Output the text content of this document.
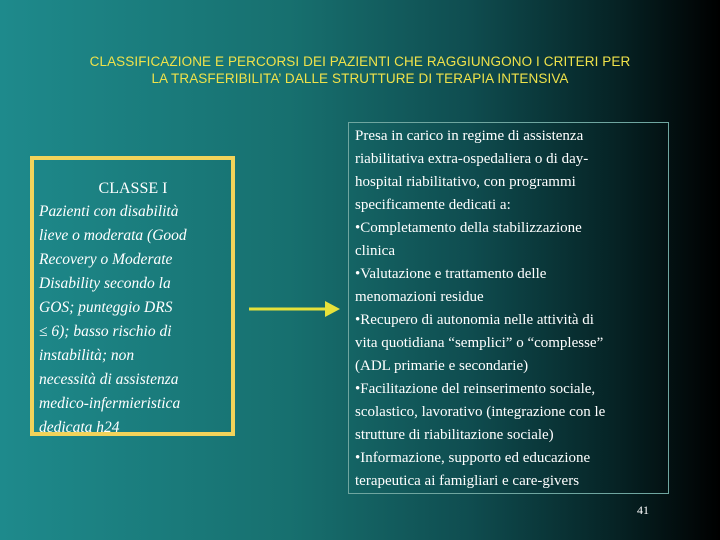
CLASSIFICAZIONE E PERCORSI DEI PAZIENTI CHE RAGGIUNGONO I CRITERI PER
LA TRASFERIBILITA’ DALLE STRUTTURE DI TERAPIA INTENSIVA
CLASSE I
Pazienti con disabilità
lieve o moderata (Good
Recovery o Moderate
Disability secondo la
GOS; punteggio DRS
≤ 6); basso rischio di
instabilità; non
necessità di assistenza
medico-infermieristica
dedicata h24
Presa in carico in regime di assistenza
riabilitativa extra-ospedaliera o di day-
hospital riabilitativo, con programmi
specificamente dedicati a:
•Completamento della stabilizzazione
clinica
•Valutazione e trattamento delle
menomazioni residue
•Recupero di autonomia nelle attività di
vita quotidiana “semplici” o “complesse”
(ADL primarie e secondarie)
•Facilitazione del reinserimento sociale,
scolastico, lavorativo (integrazione con le
strutture di riabilitazione sociale)
•Informazione, supporto ed educazione
terapeutica ai famigliari e care-givers
41
